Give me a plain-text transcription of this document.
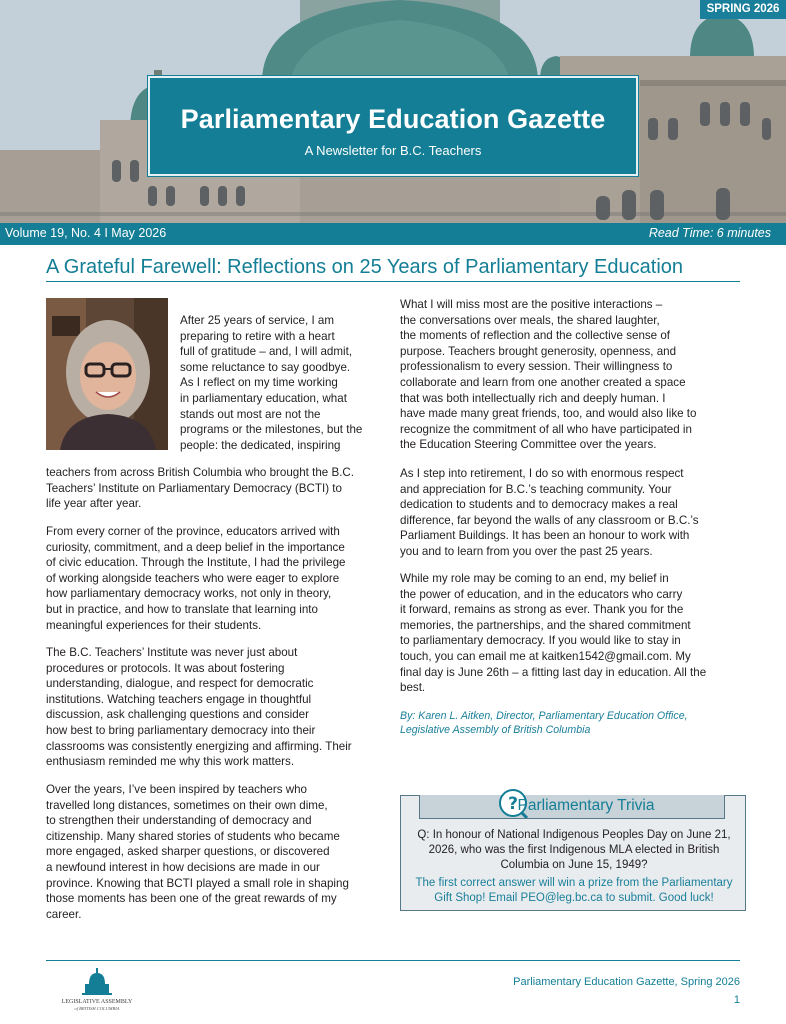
SPRING 2026
Parliamentary Education Gazette
A Newsletter for B.C. Teachers
Volume 19, No. 4 I May 2026	Read Time: 6 minutes
A Grateful Farewell: Reflections on 25 Years of Parliamentary Education
After 25 years of service, I am
preparing to retire with a heart
full of gratitude – and, I will admit,
some reluctance to say goodbye.
As I reflect on my time working
in parliamentary education, what
stands out most are not the
programs or the milestones, but the
people: the dedicated, inspiring
teachers from across British Columbia who brought the B.C.
Teachers’ Institute on Parliamentary Democracy (BCTI) to
life year after year.
From every corner of the province, educators arrived with
curiosity, commitment, and a deep belief in the importance
of civic education. Through the Institute, I had the privilege
of working alongside teachers who were eager to explore
how parliamentary democracy works, not only in theory,
but in practice, and how to translate that learning into
meaningful experiences for their students.
The B.C. Teachers’ Institute was never just about
procedures or protocols. It was about fostering
understanding, dialogue, and respect for democratic
institutions. Watching teachers engage in thoughtful
discussion, ask challenging questions and consider
how best to bring parliamentary democracy into their
classrooms was consistently energizing and affirming. Their
enthusiasm reminded me why this work matters.
Over the years, I’ve been inspired by teachers who
travelled long distances, sometimes on their own dime,
to strengthen their understanding of democracy and
citizenship. Many shared stories of students who became
more engaged, asked sharper questions, or discovered
a newfound interest in how decisions are made in our
province. Knowing that BCTI played a small role in shaping
those moments has been one of the great rewards of my
career.
What I will miss most are the positive interactions –
the conversations over meals, the shared laughter,
the moments of reflection and the collective sense of
purpose. Teachers brought generosity, openness, and
professionalism to every session. Their willingness to
collaborate and learn from one another created a space
that was both intellectually rich and deeply human. I
have made many great friends, too, and would also like to
recognize the commitment of all who have participated in
the Education Steering Committee over the years.
As I step into retirement, I do so with enormous respect
and appreciation for B.C.’s teaching community. Your
dedication to students and to democracy makes a real
difference, far beyond the walls of any classroom or B.C.’s
Parliament Buildings. It has been an honour to work with
you and to learn from you over the past 25 years.
While my role may be coming to an end, my belief in
the power of education, and in the educators who carry
it forward, remains as strong as ever. Thank you for the
memories, the partnerships, and the shared commitment
to parliamentary democracy. If you would like to stay in
touch, you can email me at kaitken1542@gmail.com. My
final day is June 26th – a fitting last day in education. All the
best.
By: Karen L. Aitken, Director, Parliamentary Education Office,
Legislative Assembly of British Columbia
? Parliamentary Trivia
Q: In honour of National Indigenous Peoples Day on June 21,
2026, who was the first Indigenous MLA elected in British
Columbia on June 15, 1949?
The first correct answer will win a prize from the Parliamentary
Gift Shop! Email PEO@leg.bc.ca to submit. Good luck!
LEGISLATIVE ASSEMBLY
of BRITISH COLUMBIA
Parliamentary Education Gazette, Spring 2026
1
